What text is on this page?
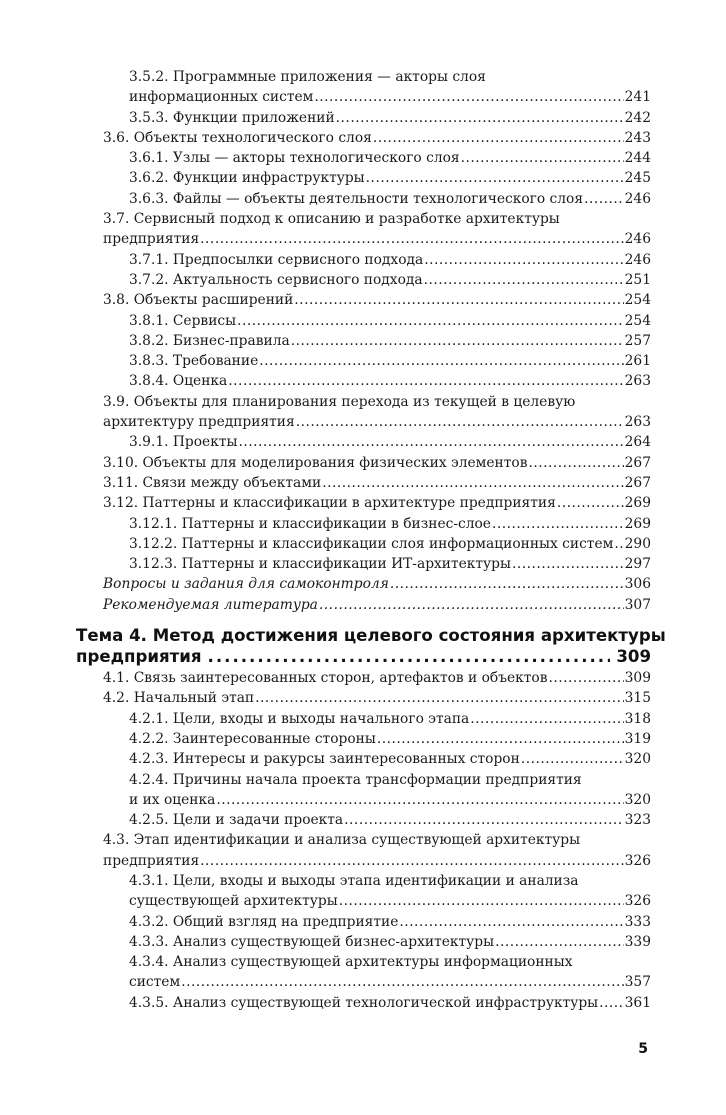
3.5.2. Программные приложения — акторы слоя
информационных систем .....	241
3.5.3. Функции приложений .....	242
3.6. Объекты технологического слоя .....	243
3.6.1. Узлы — акторы технологического слоя .....	244
3.6.2. Функции инфраструктуры .....	245
3.6.3. Файлы — объекты деятельности технологического слоя .....	246
3.7. Сервисный подход к описанию и разработке архитектуры
предприятия .....	246
3.7.1. Предпосылки сервисного подхода .....	246
3.7.2. Актуальность сервисного подхода .....	251
3.8. Объекты расширений .....	254
3.8.1. Сервисы .....	254
3.8.2. Бизнес-правила .....	257
3.8.3. Требование .....	261
3.8.4. Оценка .....	263
3.9. Объекты для планирования перехода из текущей в целевую
архитектуру предприятия .....	263
3.9.1. Проекты .....	264
3.10. Объекты для моделирования физических элементов .....	267
3.11. Связи между объектами .....	267
3.12. Паттерны и классификации в архитектуре предприятия .....	269
3.12.1. Паттерны и классификации в бизнес-слое .....	269
3.12.2. Паттерны и классификации слоя информационных систем ..... 290
3.12.3. Паттерны и классификации ИТ-архитектуры .....	297
Вопросы и задания для самоконтроля .....	306
Рекомендуемая литература .....	307
Тема 4. Метод достижения целевого состояния архитектуры
предприятия .....	309
4.1. Связь заинтересованных сторон, артефактов и объектов .....	309
4.2. Начальный этап .....	315
4.2.1. Цели, входы и выходы начального этапа .....	318
4.2.2. Заинтересованные стороны .....	319
4.2.3. Интересы и ракурсы заинтересованных сторон .....	320
4.2.4. Причины начала проекта трансформации предприятия
и их оценка .....	320
4.2.5. Цели и задачи проекта .....	323
4.3. Этап идентификации и анализа существующей архитектуры
предприятия .....	326
4.3.1. Цели, входы и выходы этапа идентификации и анализа
существующей архитектуры .....	326
4.3.2. Общий взгляд на предприятие .....	333
4.3.3. Анализ существующей бизнес-архитектуры .....	339
4.3.4. Анализ существующей архитектуры информационных
систем .....	357
4.3.5. Анализ существующей технологической инфраструктуры ..... 361
5
